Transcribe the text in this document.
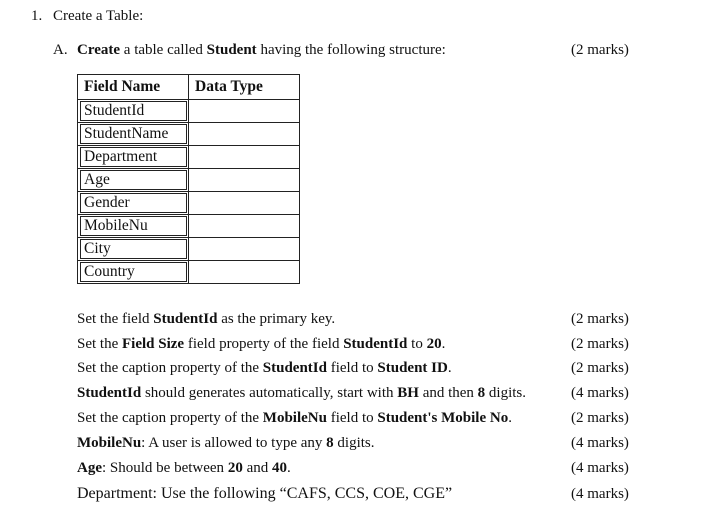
1. Create a Table:
A. Create a table called Student having the following structure:	(2 marks)
Field Name	Data Type
StudentId	
StudentName	
Department	
Age	
Gender	
MobileNu	
City	
Country	
Set the field StudentId as the primary key.	(2 marks)
Set the Field Size field property of the field StudentId to 20.	(2 marks)
Set the caption property of the StudentId field to Student ID.	(2 marks)
StudentId should generates automatically, start with BH and then 8 digits.	(4 marks)
Set the caption property of the MobileNu field to Student's Mobile No.	(2 marks)
MobileNu: A user is allowed to type any 8 digits.	(4 marks)
Age: Should be between 20 and 40.	(4 marks)
Department: Use the following “CAFS, CCS, COE, CGE”	(4 marks)
